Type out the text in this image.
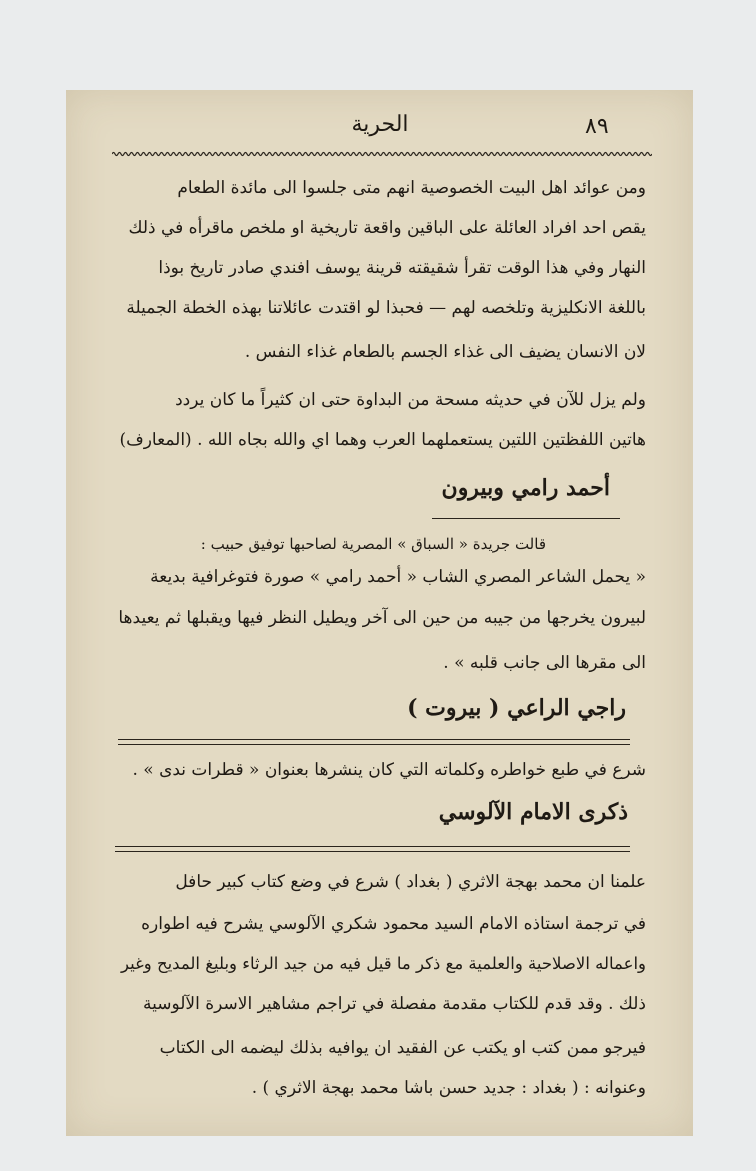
٨٩
الحرية
ومن عوائد اهل البيت الخصوصية انهم متى جلسوا الى مائدة الطعام
يقص احد افراد العائلة على الباقين واقعة تاريخية او ملخص ماقرأه في ذلك
النهار وفي هذا الوقت تقرأ شقيقته قرينة يوسف افندي صادر تاريخ بوذا
باللغة الانكليزية وتلخصه لهم — فحبذا لو اقتدت عائلاتنا بهذه الخطة الجميلة
لان الانسان يضيف الى غذاء الجسم بالطعام غذاء النفس .
ولم يزل للآن في حديثه مسحة من البداوة حتى ان كثيراً ما كان يردد
هاتين اللفظتين اللتين يستعملهما العرب وهما اي والله بجاه الله . (المعارف)
أحمد رامي وبيرون
قالت جريدة « السباق » المصرية لصاحبها توفيق حبيب :
« يحمل الشاعر المصري الشاب « أحمد رامي » صورة فتوغرافية بديعة
لبيرون يخرجها من جيبه من حين الى آخر ويطيل النظر فيها ويقبلها ثم يعيدها
الى مقرها الى جانب قلبه » .
راجي الراعي ( بيروت )
شرع في طبع خواطره وكلماته التي كان ينشرها بعنوان « قطرات ندى » .
ذكرى الامام الآلوسي
علمنا ان محمد بهجة الاثري ( بغداد ) شرع في وضع كتاب كبير حافل
في ترجمة استاذه الامام السيد محمود شكري الآلوسي يشرح فيه اطواره
واعماله الاصلاحية والعلمية مع ذكر ما قيل فيه من جيد الرثاء وبليغ المديح وغير
ذلك . وقد قدم للكتاب مقدمة مفصلة في تراجم مشاهير الاسرة الآلوسية
فيرجو ممن كتب او يكتب عن الفقيد ان يوافيه بذلك ليضمه الى الكتاب
وعنوانه : ( بغداد : جديد حسن باشا محمد بهجة الاثري ) .
